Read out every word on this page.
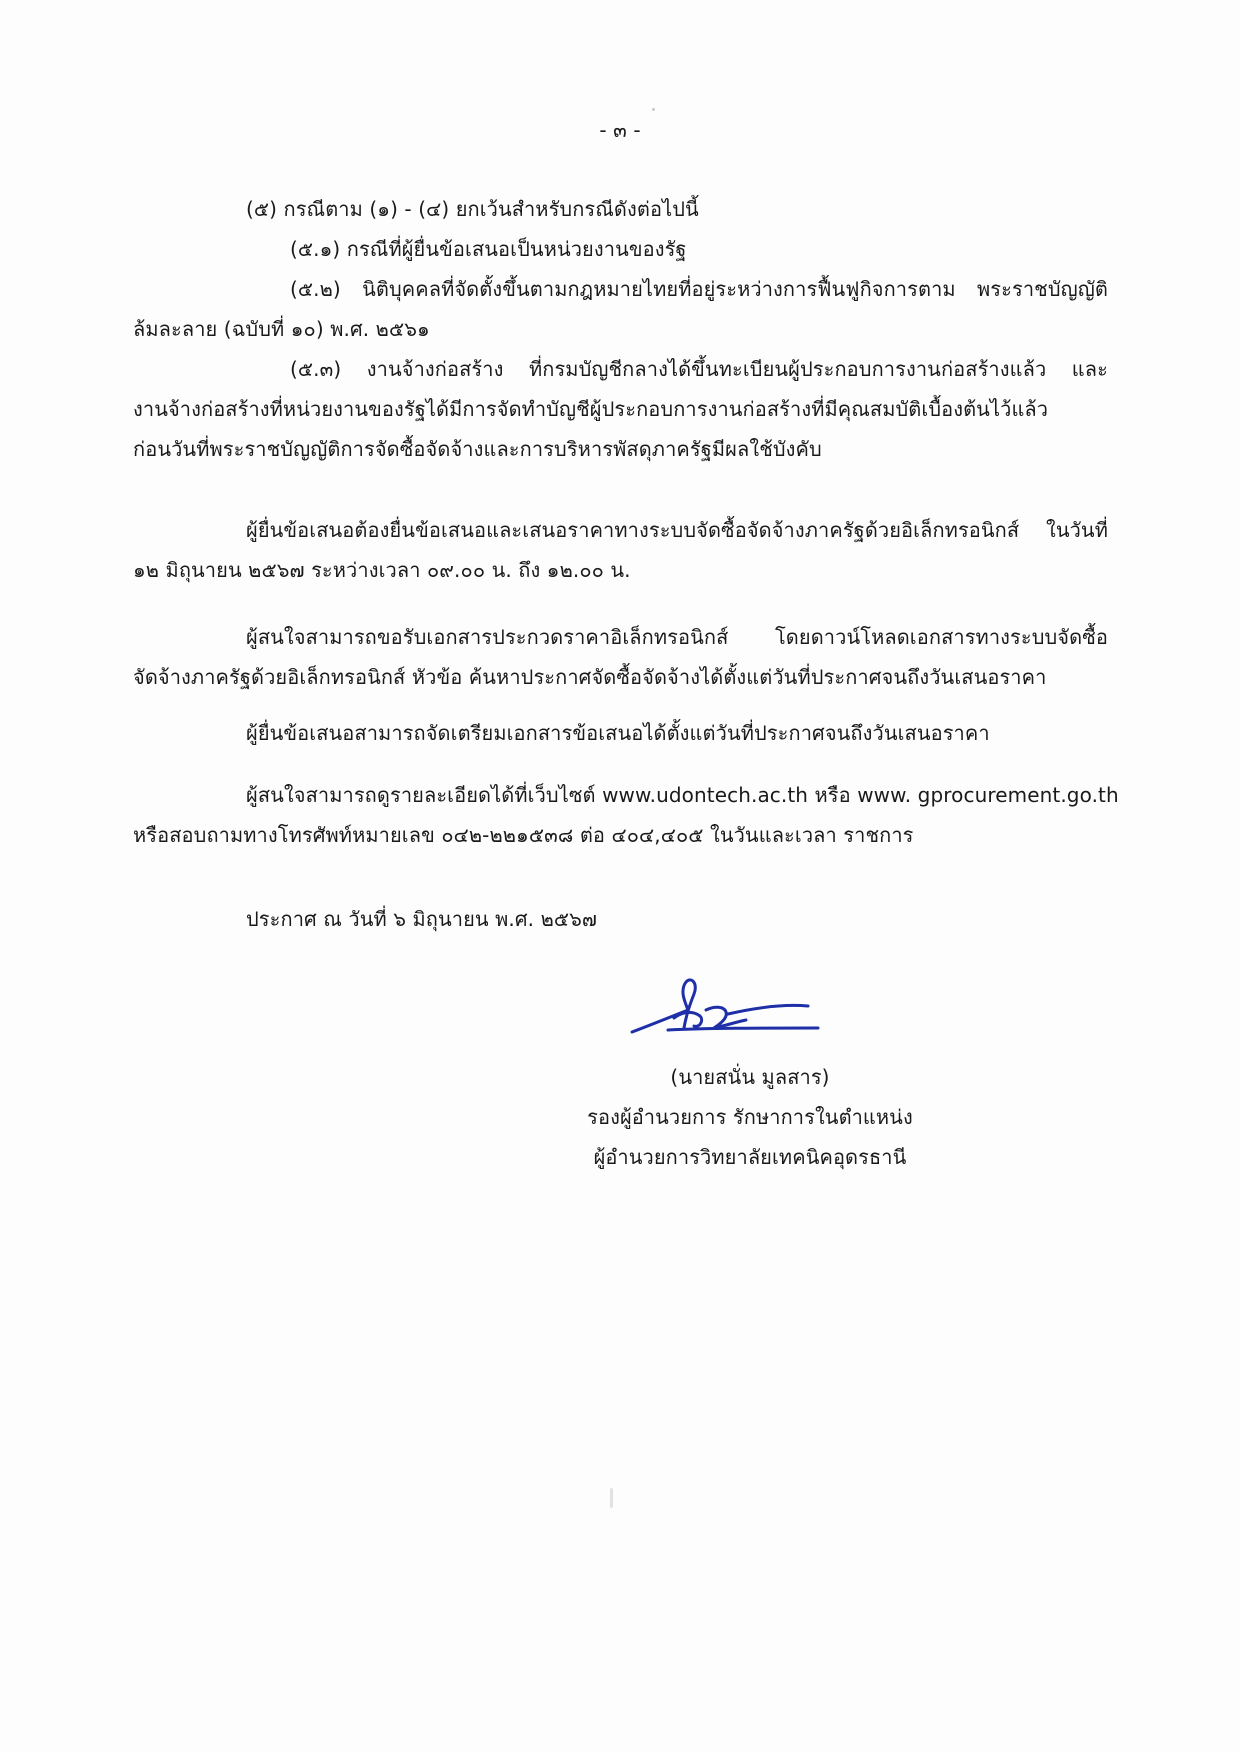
- ๓ -
(๕) กรณีตาม (๑) - (๔) ยกเว้นสำหรับกรณีดังต่อไปนี้
(๕.๑) กรณีที่ผู้ยื่นข้อเสนอเป็นหน่วยงานของรัฐ
(๕.๒) นิติบุคคลที่จัดตั้งขึ้นตามกฎหมายไทยที่อยู่ระหว่างการฟื้นฟูกิจการตาม พระราชบัญญัติ
ล้มละลาย (ฉบับที่ ๑๐) พ.ศ. ๒๕๖๑
(๕.๓) งานจ้างก่อสร้าง ที่กรมบัญชีกลางได้ขึ้นทะเบียนผู้ประกอบการงานก่อสร้างแล้ว และ
งานจ้างก่อสร้างที่หน่วยงานของรัฐได้มีการจัดทำบัญชีผู้ประกอบการงานก่อสร้างที่มีคุณสมบัติเบื้องต้นไว้แล้ว
ก่อนวันที่พระราชบัญญัติการจัดซื้อจัดจ้างและการบริหารพัสดุภาครัฐมีผลใช้บังคับ
ผู้ยื่นข้อเสนอต้องยื่นข้อเสนอและเสนอราคาทางระบบจัดซื้อจัดจ้างภาครัฐด้วยอิเล็กทรอนิกส์ ในวันที่
๑๒ มิถุนายน ๒๕๖๗ ระหว่างเวลา ๐๙.๐๐ น. ถึง ๑๒.๐๐ น.
ผู้สนใจสามารถขอรับเอกสารประกวดราคาอิเล็กทรอนิกส์ โดยดาวน์โหลดเอกสารทางระบบจัดซื้อ
จัดจ้างภาครัฐด้วยอิเล็กทรอนิกส์ หัวข้อ ค้นหาประกาศจัดซื้อจัดจ้างได้ตั้งแต่วันที่ประกาศจนถึงวันเสนอราคา
ผู้ยื่นข้อเสนอสามารถจัดเตรียมเอกสารข้อเสนอได้ตั้งแต่วันที่ประกาศจนถึงวันเสนอราคา
ผู้สนใจสามารถดูรายละเอียดได้ที่เว็บไซต์ www.udontech.ac.th หรือ www. gprocurement.go.th
หรือสอบถามทางโทรศัพท์หมายเลข ๐๔๒-๒๒๑๕๓๘ ต่อ ๔๐๔,๔๐๕ ในวันและเวลา ราชการ
ประกาศ ณ วันที่ ๖ มิถุนายน พ.ศ. ๒๕๖๗
(นายสนั่น มูลสาร)
รองผู้อำนวยการ รักษาการในตำแหน่ง
ผู้อำนวยการวิทยาลัยเทคนิคอุดรธานี
